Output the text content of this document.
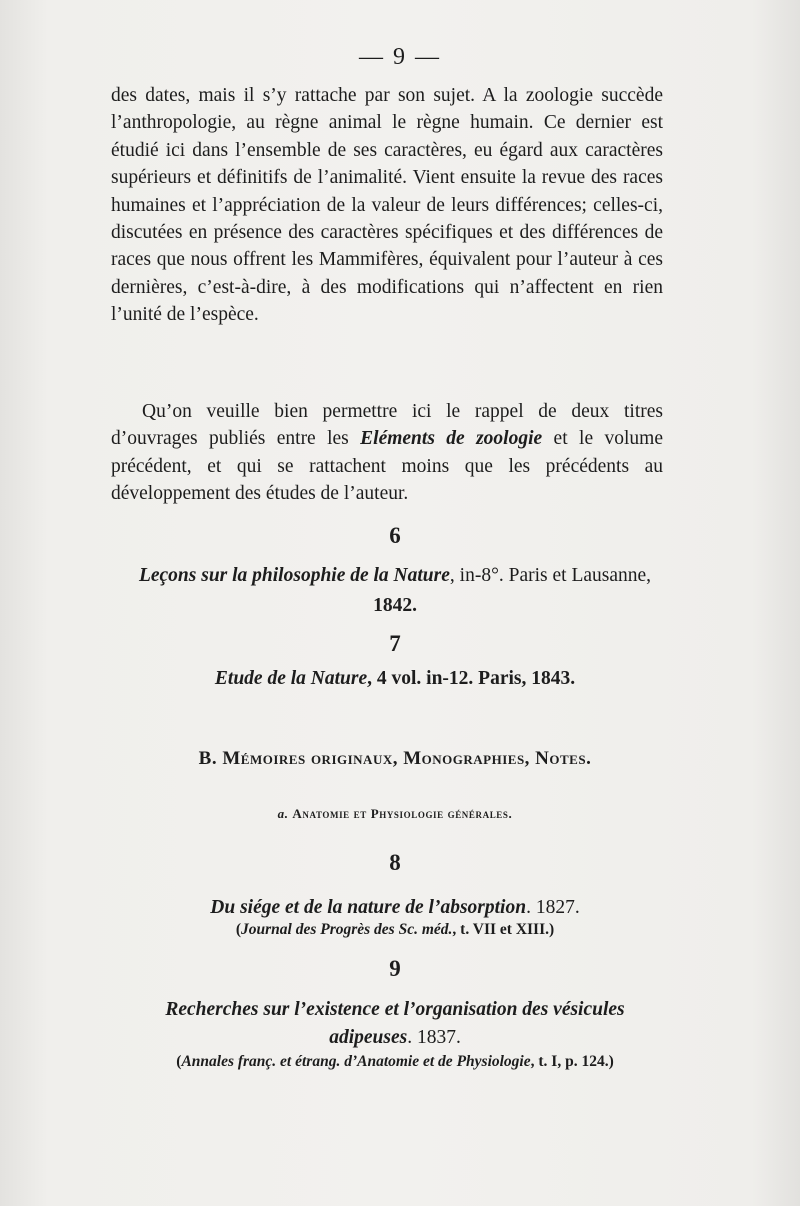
— 9 —

des dates, mais il s’y rattache par son sujet. A la zoologie succède l’anthropologie, au règne animal le règne humain. Ce dernier est étudié ici dans l’ensemble de ses caractères, eu égard aux caractères supérieurs et définitifs de l’animalité. Vient ensuite la revue des races humaines et l’appréciation de la valeur de leurs différences; celles-ci, discutées en présence des caractères spécifiques et des différences de races que nous offrent les Mammifères, équivalent pour l’auteur à ces dernières, c’est-à-dire, à des modifications qui n’affectent en rien l’unité de l’espèce.

Qu’on veuille bien permettre ici le rappel de deux titres d’ouvrages publiés entre les Eléments de zoologie et le volume précédent, et qui se rattachent moins que les précédents au développement des études de l’auteur.

6
Leçons sur la philosophie de la Nature, in-8°. Paris et Lausanne,
1842.
7
Etude de la Nature, 4 vol. in-12. Paris, 1843.
B. Mémoires originaux, Monographies, Notes.
a. Anatomie et Physiologie générales.
8
Du siége et de la nature de l’absorption. 1827.
(Journal des Progrès des Sc. méd., t. VII et XIII.)
9
Recherches sur l’existence et l’organisation des vésicules
adipeuses. 1837.
(Annales franç. et étrang. d’Anatomie et de Physiologie, t. I, p. 124.)
